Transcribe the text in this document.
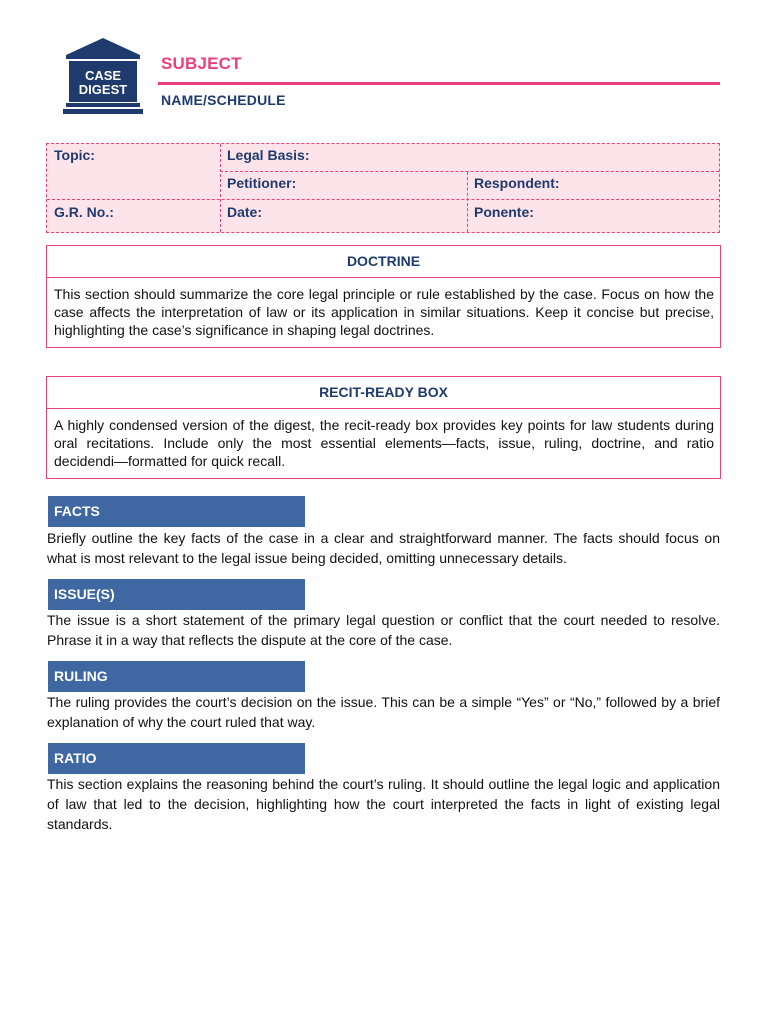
CASE
DIGEST
SUBJECT
NAME/SCHEDULE
Topic:	Legal Basis:
Petitioner:	Respondent:
G.R. No.:	Date:	Ponente:
DOCTRINE
This section should summarize the core legal principle or rule established by the case. Focus on how the case affects the interpretation of law or its application in similar situations. Keep it concise but precise, highlighting the case’s significance in shaping legal doctrines.
RECIT-READY BOX
A highly condensed version of the digest, the recit-ready box provides key points for law students during oral recitations. Include only the most essential elements—facts, issue, ruling, doctrine, and ratio decidendi—formatted for quick recall.
FACTS
Briefly outline the key facts of the case in a clear and straightforward manner. The facts should focus on what is most relevant to the legal issue being decided, omitting unnecessary details.
ISSUE(S)
The issue is a short statement of the primary legal question or conflict that the court needed to resolve. Phrase it in a way that reflects the dispute at the core of the case.
RULING
The ruling provides the court’s decision on the issue. This can be a simple “Yes” or “No,” followed by a brief explanation of why the court ruled that way.
RATIO
This section explains the reasoning behind the court’s ruling. It should outline the legal logic and application of law that led to the decision, highlighting how the court interpreted the facts in light of existing legal standards.
